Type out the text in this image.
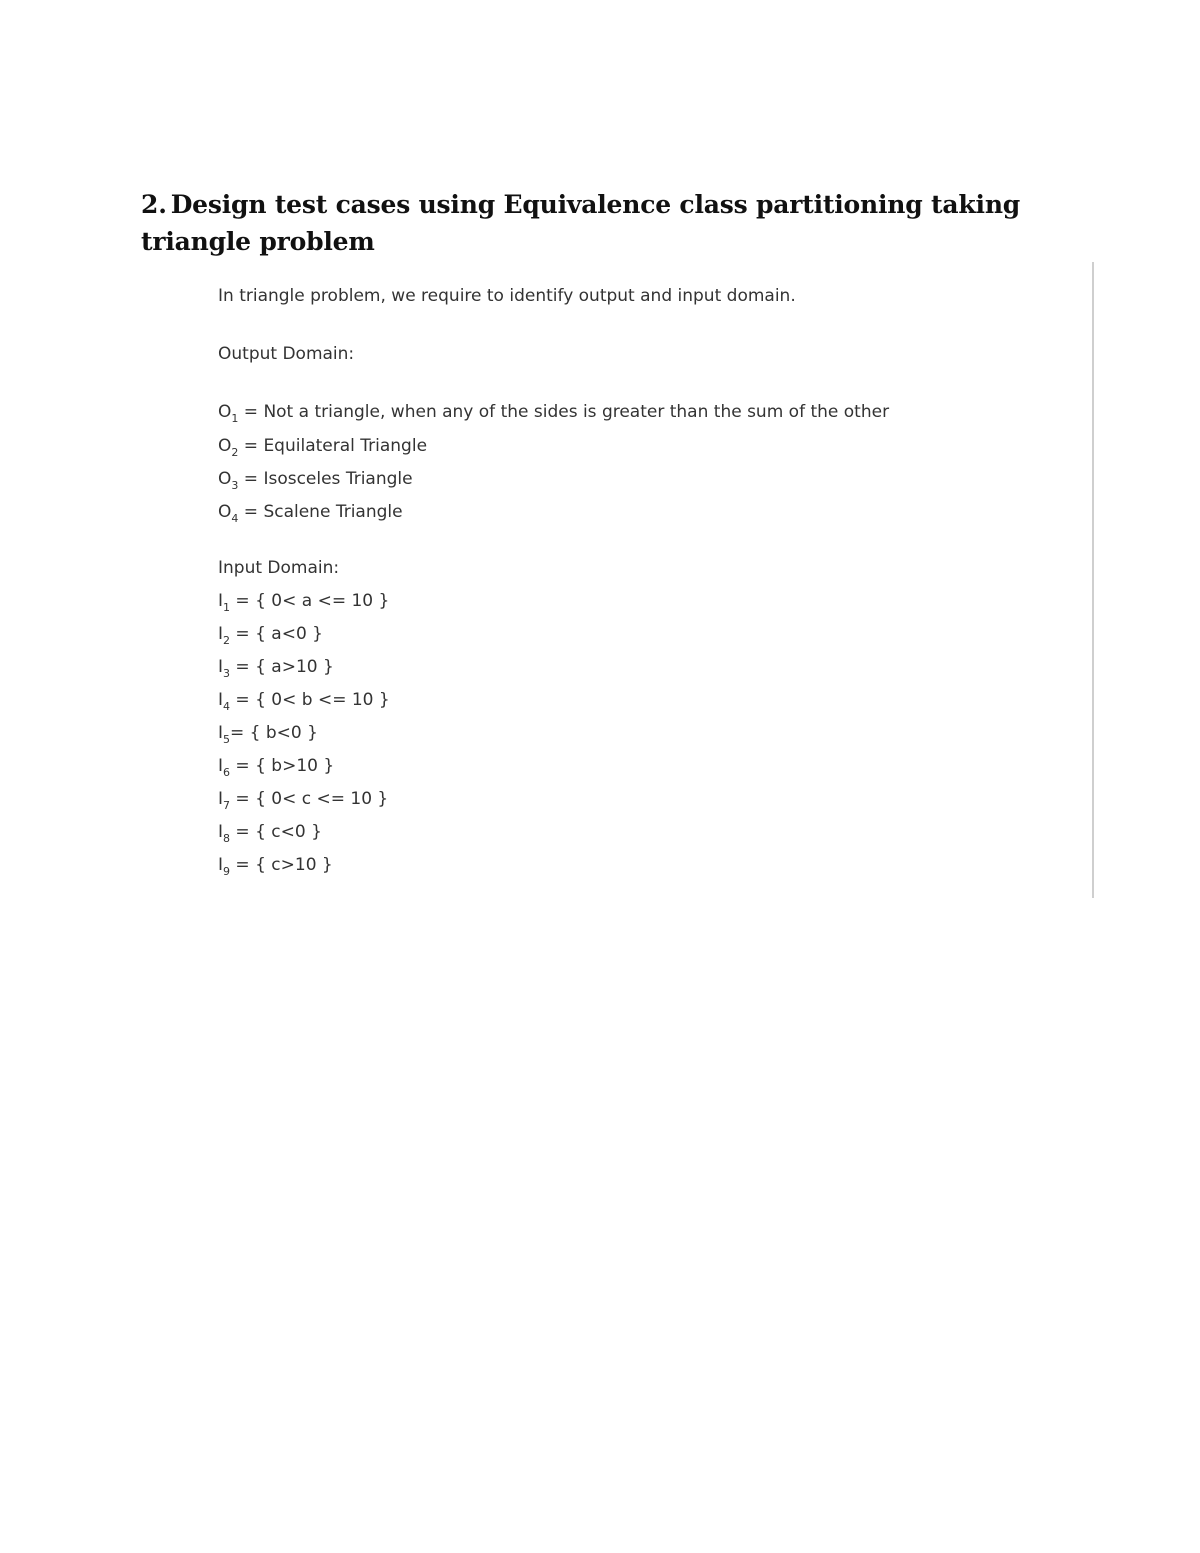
2. Design test cases using Equivalence class partitioning taking triangle problem
In triangle problem, we require to identify output and input domain.
Output Domain:
$O_1$ = Not a triangle, when any of the sides is greater than the sum of the other
$O_2$ = Equilateral Triangle
$O_3$ = Isosceles Triangle
$O_4$ = Scalene Triangle
Input Domain:
$I_1$ = { 0< a <= 10 }
$I_2$ = { a<0 }
$I_3$ = { a>10 }
$I_4$ = { 0< b <= 10 }
$I_5=$ { b<0 }
$I_6$ = { b>10 }
$I_7$ = { 0< c <= 10 }
$I_8$ = { c<0 }
$I_9$ = { c>10 }
